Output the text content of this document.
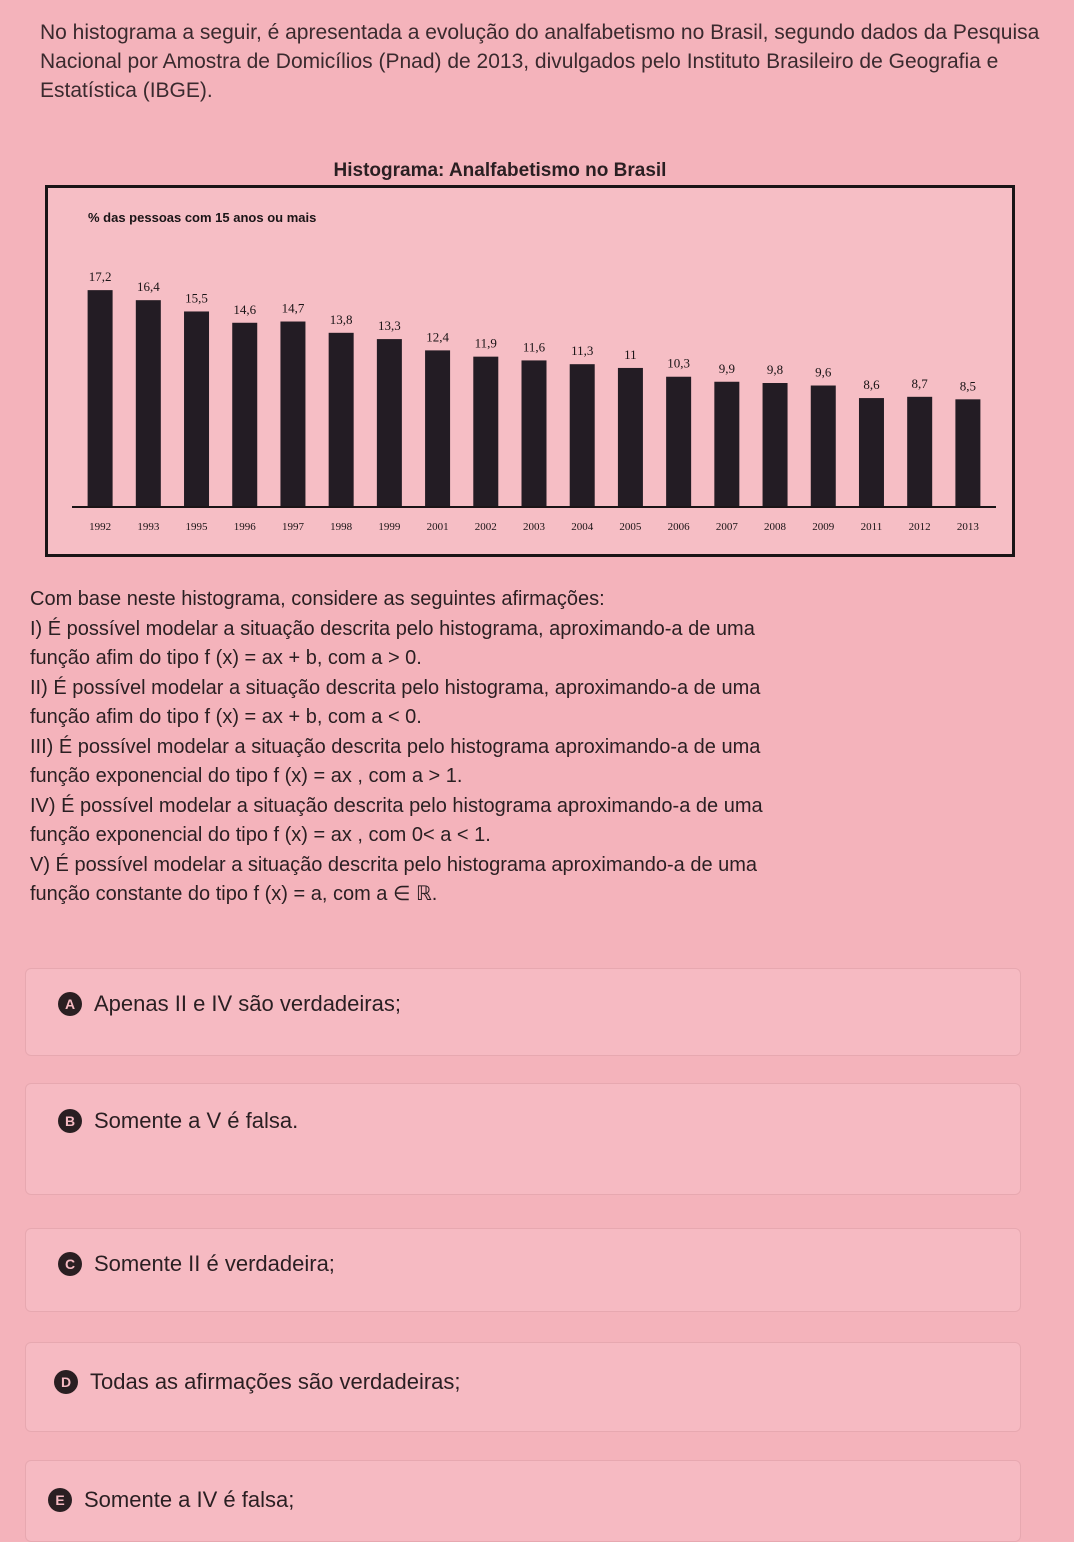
No histograma a seguir, é apresentada a evolução do analfabetismo no Brasil, segundo dados da Pesquisa Nacional por Amostra de Domicílios (Pnad) de 2013, divulgados pelo Instituto Brasileiro de Geografia e Estatística (IBGE).
Histograma: Analfabetismo no Brasil
% das pessoas com 15 anos ou mais
17,2
1992
16,4
1993
15,5
1995
14,6
1996
14,7
1997
13,8
1998
13,3
1999
12,4
2001
11,9
2002
11,6
2003
11,3
2004
11
2005
10,3
2006
9,9
2007
9,8
2008
9,6
2009
8,6
2011
8,7
2012
8,5
2013

Com base neste histograma, considere as seguintes afirmações:

I) É possível modelar a situação descrita pelo histograma, aproximando-a de uma

função afim do tipo f (x) = ax + b, com a > 0.

II) É possível modelar a situação descrita pelo histograma, aproximando-a de uma

função afim do tipo f (x) = ax + b, com a < 0.

III) É possível modelar a situação descrita pelo histograma aproximando-a de uma

função exponencial do tipo f (x) = ax , com a > 1.

IV) É possível modelar a situação descrita pelo histograma aproximando-a de uma

função exponencial do tipo f (x) = ax , com 0< a < 1.

V) É possível modelar a situação descrita pelo histograma aproximando-a de uma

função constante do tipo f (x) = a, com a ∈ ℝ.

A Apenas II e IV são verdadeiras;
B Somente a V é falsa.
C Somente II é verdadeira;
D Todas as afirmações são verdadeiras;
E Somente a IV é falsa;
